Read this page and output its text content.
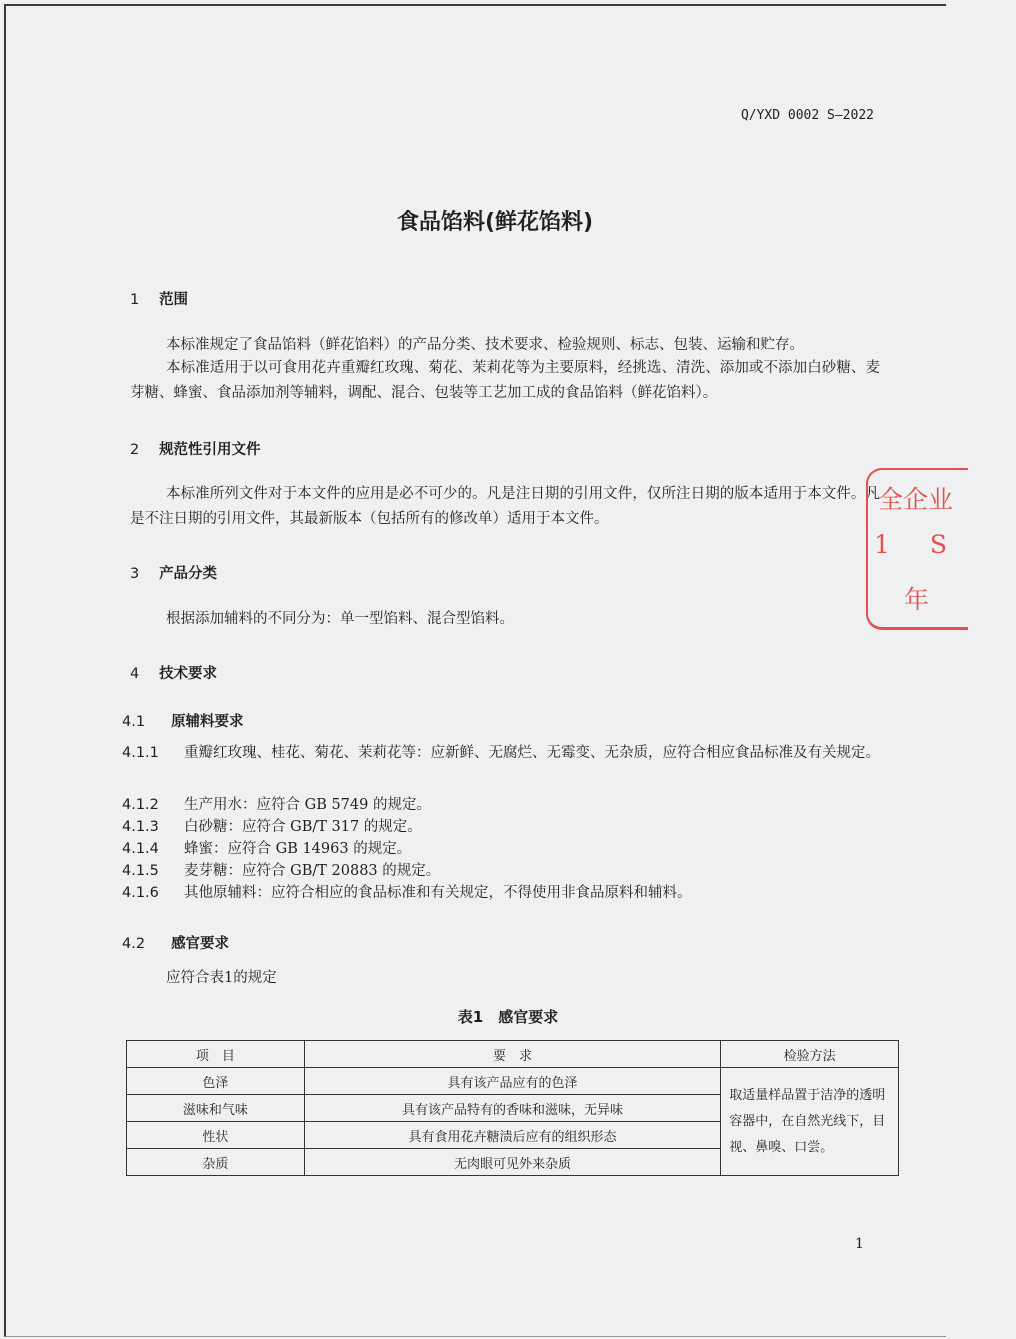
Q/YXD 0002 S—2022
食品馅料(鲜花馅料)
1 范围

本标准规定了食品馅料（鲜花馅料）的产品分类、技术要求、检验规则、标志、包装、运输和贮存。

本标准适用于以可食用花卉重瓣红玫瑰、菊花、茉莉花等为主要原料，经挑选、清洗、添加或不添加白砂糖、麦芽糖、蜂蜜、食品添加剂等辅料，调配、混合、包装等工艺加工成的食品馅料（鲜花馅料）。

2 规范性引用文件

本标准所列文件对于本文件的应用是必不可少的。凡是注日期的引用文件，仅所注日期的版本适用于本文件。凡是不注日期的引用文件，其最新版本（包括所有的修改单）适用于本文件。

3 产品分类

根据添加辅料的不同分为：单一型馅料、混合型馅料。

4 技术要求
4.1 原辅料要求

4.1.1 重瓣红玫瑰、桂花、菊花、茉莉花等：应新鲜、无腐烂、无霉变、无杂质，应符合相应食品标准及有关规定。

4.1.2 生产用水：应符合 GB 5749 的规定。

4.1.3 白砂糖：应符合 GB/T 317 的规定。

4.1.4 蜂蜜：应符合 GB 14963 的规定。

4.1.5 麦芽糖：应符合 GB/T 20883 的规定。

4.1.6 其他原辅料：应符合相应的食品标准和有关规定，不得使用非食品原料和辅料。

4.2 感官要求

应符合表1的规定

表1　感官要求
项　目	要　求	检验方法
色泽	具有该产品应有的色泽	取适量样品置于洁净的透明容器中，在自然光线下，目视、鼻嗅、口尝。
滋味和气味	具有该产品特有的香味和滋味，无异味	
性状	具有食用花卉糖渍后应有的组织形态	
杂质	无肉眼可见外来杂质	
全企业
1S
年
1
